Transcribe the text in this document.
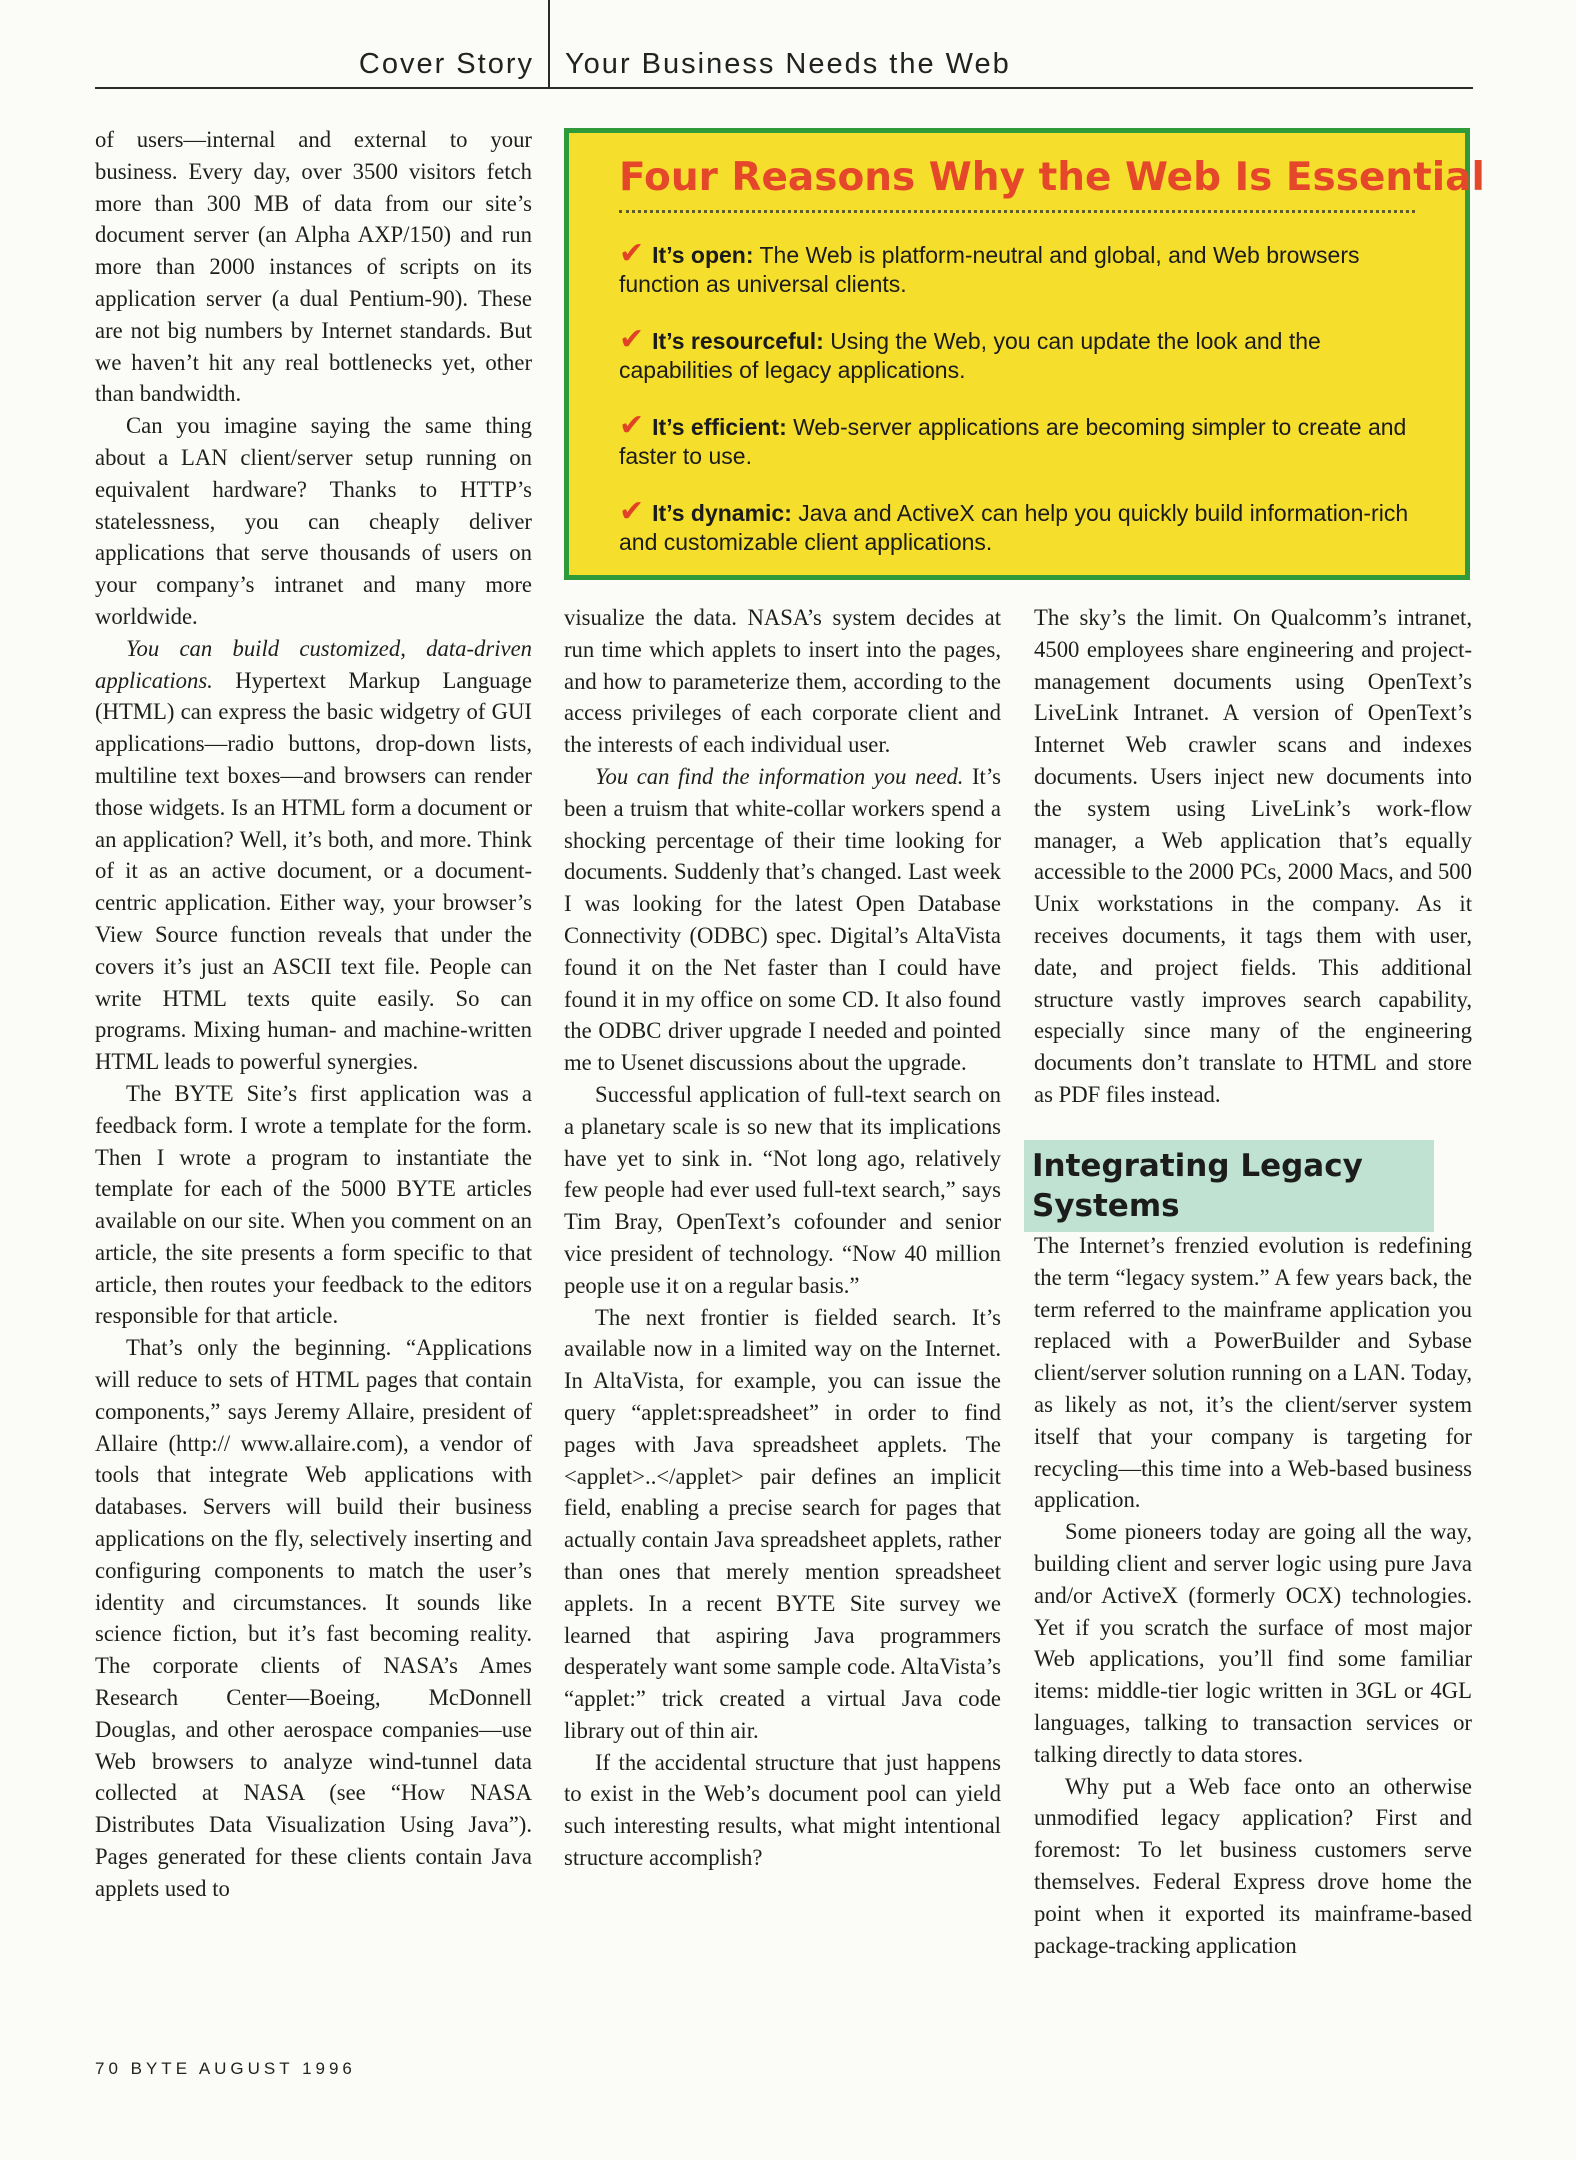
Cover Story Your Business Needs the Web

of users—internal and external to your business. Every day, over 3500 visitors fetch more than 300 MB of data from our site’s document server (an Alpha AXP/150) and run more than 2000 instances of scripts on its application server (a dual Pentium-90). These are not big numbers by Internet standards. But we haven’t hit any real bottlenecks yet, other than bandwidth.

Can you imagine saying the same thing about a LAN client/server setup running on equivalent hardware? Thanks to HTTP’s statelessness, you can cheaply deliver applications that serve thousands of users on your company’s intranet and many more worldwide.

You can build customized, data-driven applications. Hypertext Markup Language (HTML) can express the basic widgetry of GUI applications—radio buttons, drop-down lists, multiline text boxes—and browsers can render those widgets. Is an HTML form a document or an application? Well, it’s both, and more. Think of it as an active document, or a document-centric application. Either way, your browser’s View Source function reveals that under the covers it’s just an ASCII text file. People can write HTML texts quite easily. So can programs. Mixing human- and machine-written HTML leads to powerful synergies.

The BYTE Site’s first application was a feedback form. I wrote a template for the form. Then I wrote a program to instantiate the template for each of the 5000 BYTE articles available on our site. When you comment on an article, the site presents a form specific to that article, then routes your feedback to the editors responsible for that article.

That’s only the beginning. “Applications will reduce to sets of HTML pages that contain components,” says Jeremy Allaire, president of Allaire (http:// www.allaire.com), a vendor of tools that integrate Web applications with databases. Servers will build their business applications on the fly, selectively inserting and configuring components to match the user’s identity and circumstances. It sounds like science fiction, but it’s fast becoming reality. The corporate clients of NASA’s Ames Research Center—Boeing, McDonnell Douglas, and other aerospace companies—use Web browsers to analyze wind-tunnel data collected at NASA (see “How NASA Distributes Data Visualization Using Java”). Pages generated for these clients contain Java applets used to

Four Reasons Why the Web Is Essential
✔ It’s open: The Web is platform-neutral and global, and Web browsers function as universal clients.
✔ It’s resourceful: Using the Web, you can update the look and the capabilities of legacy applications.
✔ It’s efficient: Web-server applications are becoming simpler to create and faster to use.
✔ It’s dynamic: Java and ActiveX can help you quickly build information-rich and customizable client applications.

visualize the data. NASA’s system decides at run time which applets to insert into the pages, and how to parameterize them, according to the access privileges of each corporate client and the interests of each individual user.

You can find the information you need. It’s been a truism that white-collar workers spend a shocking percentage of their time looking for documents. Suddenly that’s changed. Last week I was looking for the latest Open Database Connectivity (ODBC) spec. Digital’s AltaVista found it on the Net faster than I could have found it in my office on some CD. It also found the ODBC driver upgrade I needed and pointed me to Usenet discussions about the upgrade.

Successful application of full-text search on a planetary scale is so new that its implications have yet to sink in. “Not long ago, relatively few people had ever used full-text search,” says Tim Bray, OpenText’s cofounder and senior vice president of technology. “Now 40 million people use it on a regular basis.”

The next frontier is fielded search. It’s available now in a limited way on the Internet. In AltaVista, for example, you can issue the query “applet:spreadsheet” in order to find pages with Java spreadsheet applets. The <applet>..</applet> pair defines an implicit field, enabling a precise search for pages that actually contain Java spreadsheet applets, rather than ones that merely mention spreadsheet applets. In a recent BYTE Site survey we learned that aspiring Java programmers desperately want some sample code. AltaVista’s “applet:” trick created a virtual Java code library out of thin air.

If the accidental structure that just happens to exist in the Web’s document pool can yield such interesting results, what might intentional structure accomplish?

The sky’s the limit. On Qualcomm’s intranet, 4500 employees share engineering and project-management documents using OpenText’s LiveLink Intranet. A version of OpenText’s Internet Web crawler scans and indexes documents. Users inject new documents into the system using LiveLink’s work-flow manager, a Web application that’s equally accessible to the 2000 PCs, 2000 Macs, and 500 Unix workstations in the company. As it receives documents, it tags them with user, date, and project fields. This additional structure vastly improves search capability, especially since many of the engineering documents don’t translate to HTML and store as PDF files instead.

Integrating Legacy Systems

The Internet’s frenzied evolution is redefining the term “legacy system.” A few years back, the term referred to the mainframe application you replaced with a PowerBuilder and Sybase client/server solution running on a LAN. Today, as likely as not, it’s the client/server system itself that your company is targeting for recycling—this time into a Web-based business application.

Some pioneers today are going all the way, building client and server logic using pure Java and/or ActiveX (formerly OCX) technologies. Yet if you scratch the surface of most major Web applications, you’ll find some familiar items: middle-tier logic written in 3GL or 4GL languages, talking to transaction services or talking directly to data stores.

Why put a Web face onto an otherwise unmodified legacy application? First and foremost: To let business customers serve themselves. Federal Express drove home the point when it exported its mainframe-based package-tracking application

70 BYTE AUGUST 1996
